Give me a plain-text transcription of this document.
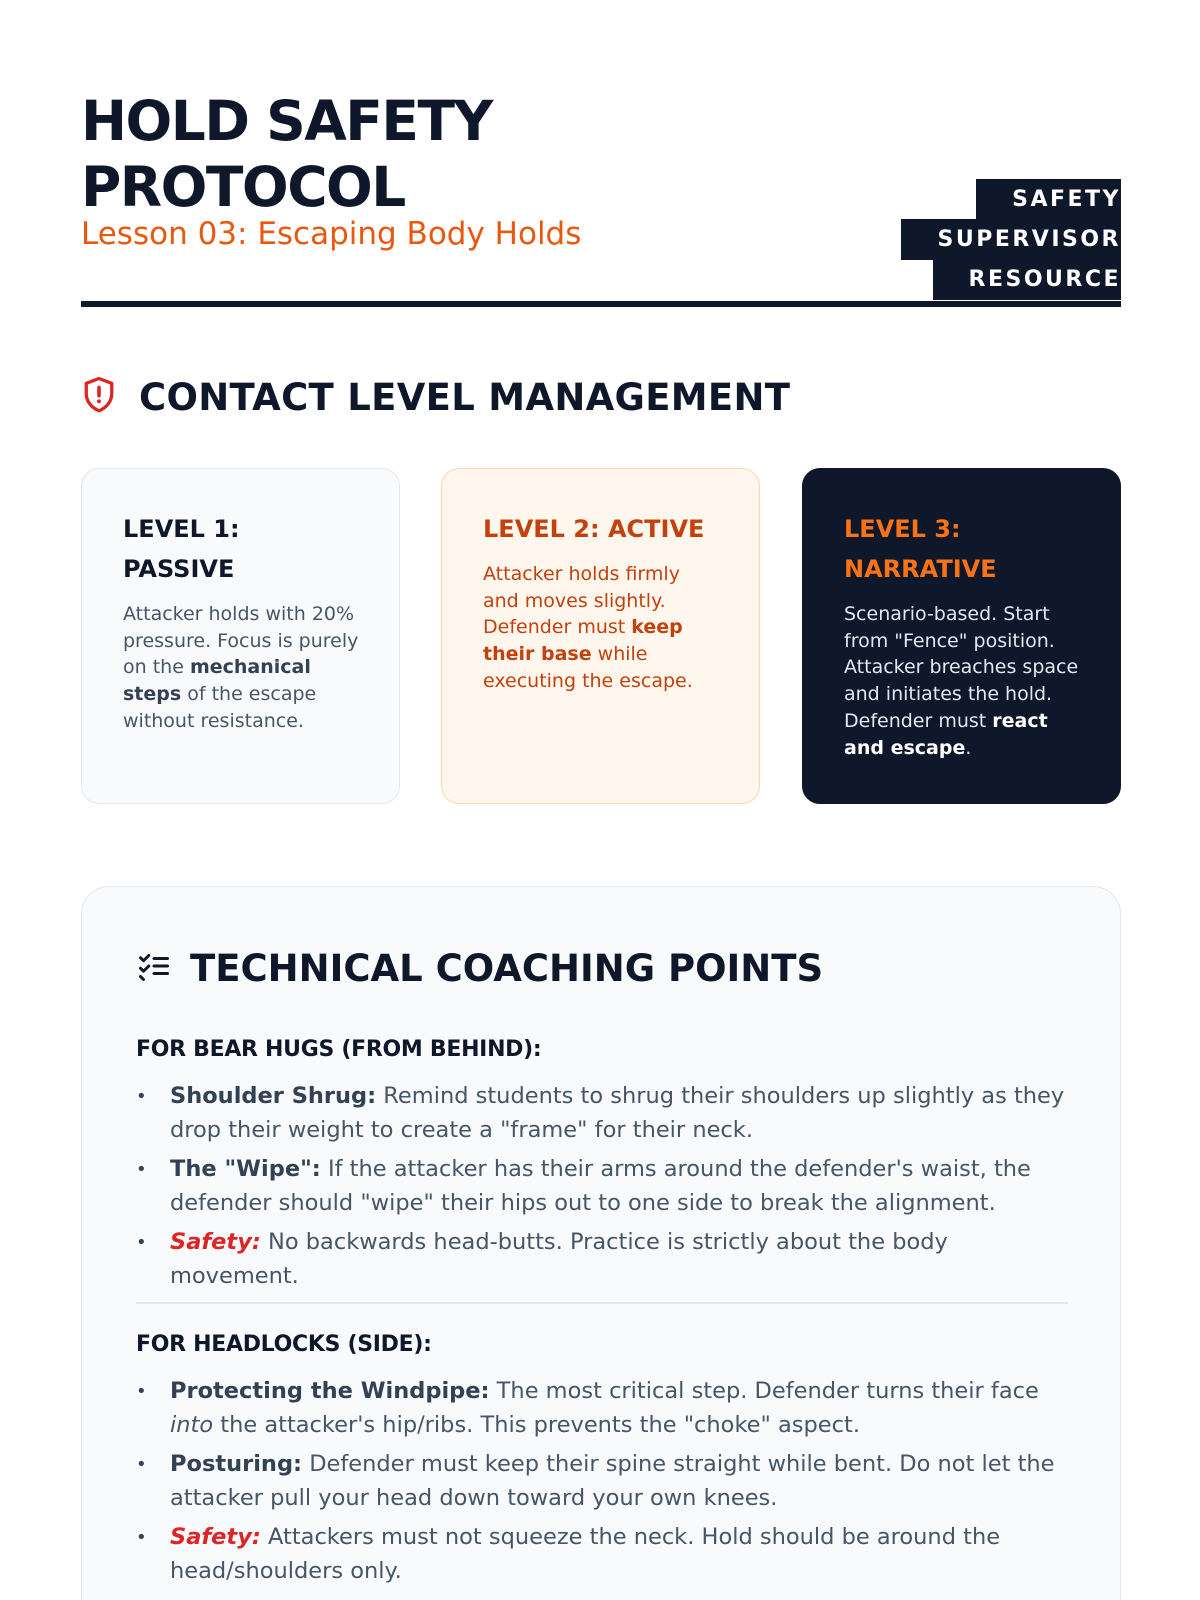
HOLD SAFETY PROTOCOL
Lesson 03: Escaping Body Holds
SAFETY SUPERVISOR
RESOURCE
CONTACT LEVEL MANAGEMENT
LEVEL 1: PASSIVE

Attacker holds with 20% pressure. Focus is purely on the mechanical steps of the escape without resistance.

LEVEL 2: ACTIVE

Attacker holds firmly and moves slightly. Defender must keep their base while executing the escape.

LEVEL 3: NARRATIVE

Scenario-based. Start from "Fence" position. Attacker breaches space and initiates the hold. Defender must react and escape.

TECHNICAL COACHING POINTS
FOR BEAR HUGS (FROM BEHIND):
• Shoulder Shrug: Remind students to shrug their shoulders up slightly as they drop their weight to create a "frame" for their neck.
• The "Wipe": If the attacker has their arms around the defender's waist, the defender should "wipe" their hips out to one side to break the alignment.
• Safety: No backwards head-butts. Practice is strictly about the body movement.
FOR HEADLOCKS (SIDE):
• Protecting the Windpipe: The most critical step. Defender turns their face into the attacker's hip/ribs. This prevents the "choke" aspect.
• Posturing: Defender must keep their spine straight while bent. Do not let the attacker pull your head down toward your own knees.
• Safety: Attackers must not squeeze the neck. Hold should be around the head/shoulders only.
